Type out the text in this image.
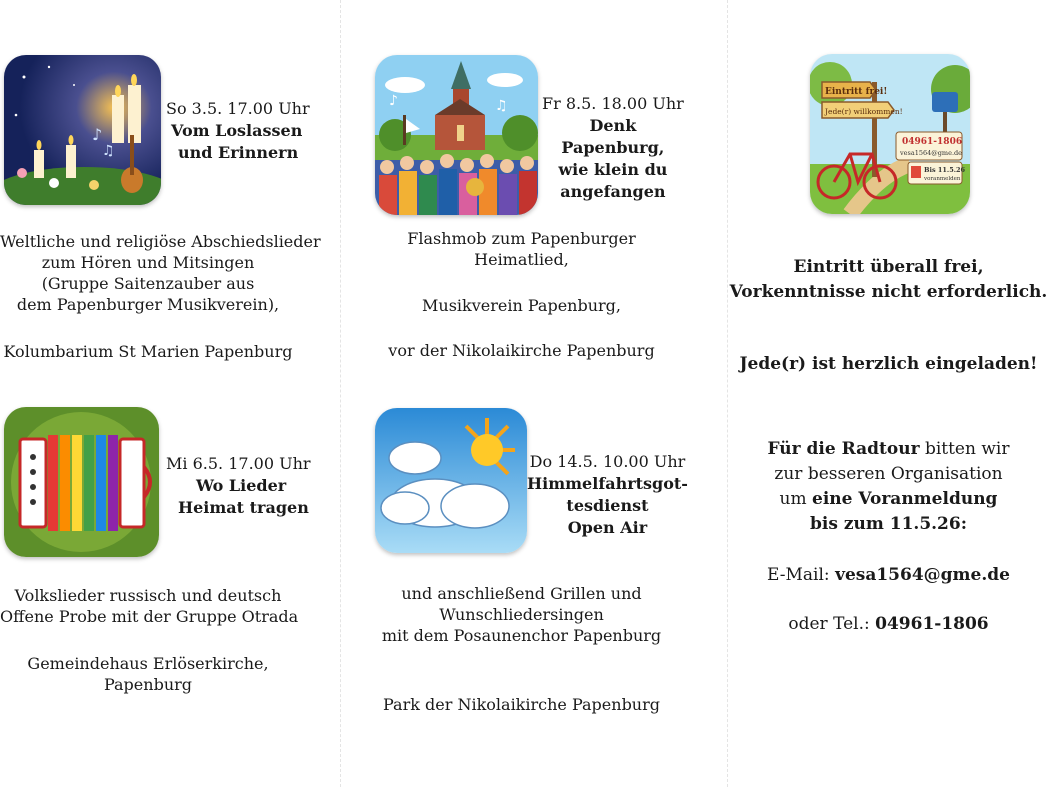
♪
♫
So 3.5. 17.00 Uhr
Vom Loslassen
und Erinnern
Weltliche und religiöse Abschiedslieder
zum Hören und Mitsingen
(Gruppe Saitenzauber aus
dem Papenburger Musikverein),
Kolumbarium St Marien Papenburg
Mi 6.5. 17.00 Uhr
Wo Lieder
Heimat tragen
Volkslieder russisch und deutsch
Offene Probe mit der Gruppe Otrada
Gemeindehaus Erlöserkirche,
Papenburg
♪	♫ Fr 8.5. 18.00 Uhr
Denk
Papenburg,
wie klein du
angefangen
Flashmob zum Papenburger
Heimatlied,
Musikverein Papenburg,
vor der Nikolaikirche Papenburg
Do 14.5. 10.00 Uhr
Himmelfahrtsgot-
tesdienst
Open Air
und anschließend Grillen und
Wunschliedersingen
mit dem Posaunenchor Papenburg
Park der Nikolaikirche Papenburg
Eintritt frei!
Jede(r) willkommen!
04961-1806
vesa1564@gme.de
Bis 11.5.26
voranmelden
Eintritt überall frei,
Vorkenntnisse nicht erforderlich.
Jede(r) ist herzlich eingeladen!
Für die Radtour bitten wir
zur besseren Organisation
um eine Voranmeldung
bis zum 11.5.26:
E-Mail: vesa1564@gme.de
oder Tel.: 04961-1806
